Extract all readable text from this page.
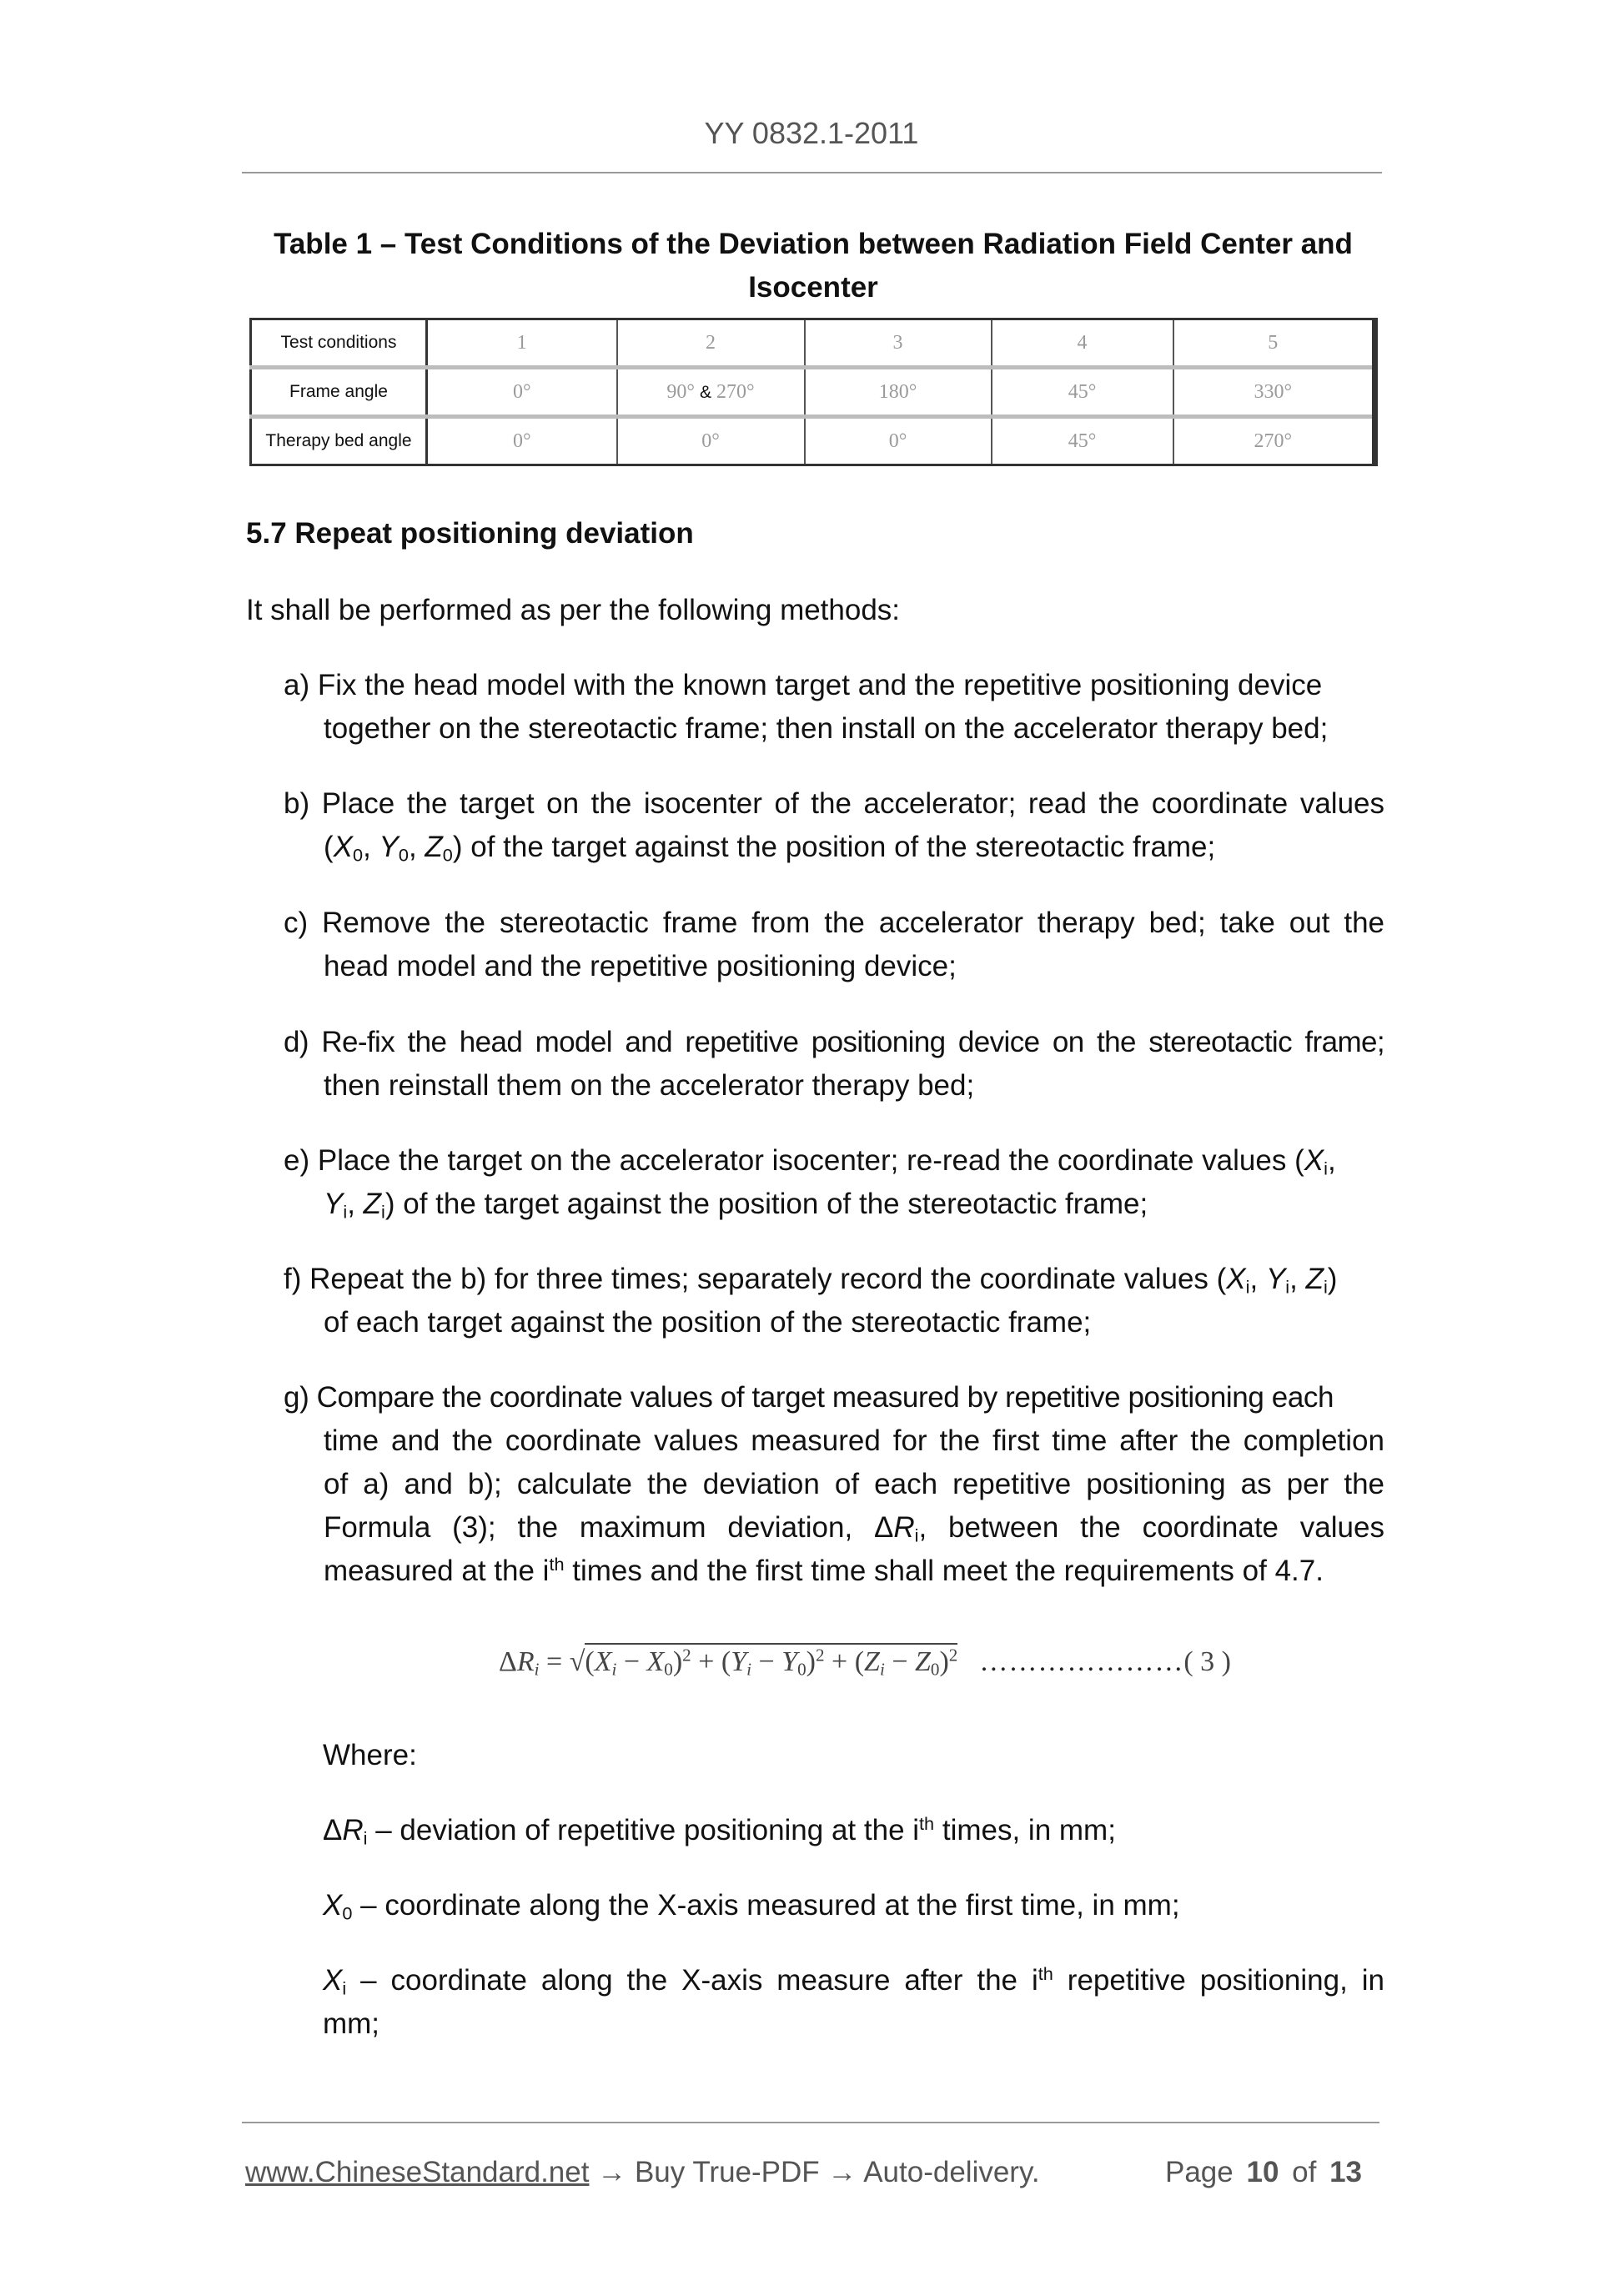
YY 0832.1-2011
Table 1 – Test Conditions of the Deviation between Radiation Field Center and
Isocenter
Test conditions	1	2	3	4	5
Frame angle	0°	90° & 270°	180°	45°	330°
Therapy bed angle	0°	0°	0°	45°	270°
5.7 Repeat positioning deviation
It shall be performed as per the following methods:
a) Fix the head model with the known target and the repetitive positioning device
together on the stereotactic frame; then install on the accelerator therapy bed;
b) Place the target on the isocenter of the accelerator; read the coordinate values
($X_0$, $Y_0$, $Z_0$) of the target against the position of the stereotactic frame;
c) Remove the stereotactic frame from the accelerator therapy bed; take out the
head model and the repetitive positioning device;
d) Re-fix the head model and repetitive positioning device on the stereotactic frame;
then reinstall them on the accelerator therapy bed;
e) Place the target on the accelerator isocenter; re-read the coordinate values ($X_i$,
$Y_i$, $Z_i$) of the target against the position of the stereotactic frame;
f) Repeat the b) for three times; separately record the coordinate values ($X_i$, $Y_i$, $Z_i$)
of each target against the position of the stereotactic frame;
g) Compare the coordinate values of target measured by repetitive positioning each
time and the coordinate values measured for the first time after the completion
of a) and b); calculate the deviation of each repetitive positioning as per the
Formula (3); the maximum deviation, $\Delta R_i$, between the coordinate values
measured at the $i^{th}$ times and the first time shall meet the requirements of 4.7.
$\Delta R_i = √(X_i - X_0)^2 + (Y_i - Y_0)^2 + (Z_i - Z_0)^2$ …………………( 3 )
Where:
$\Delta R_i$ – deviation of repetitive positioning at the $i^{th}$ times, in mm;
$X_0$ – coordinate along the X-axis measured at the first time, in mm;
$X_i$ – coordinate along the X-axis measure after the $i^{th}$ repetitive positioning, in
mm;
www.ChineseStandard.net → Buy True-PDF → Auto-delivery.	Page 10 of 13
